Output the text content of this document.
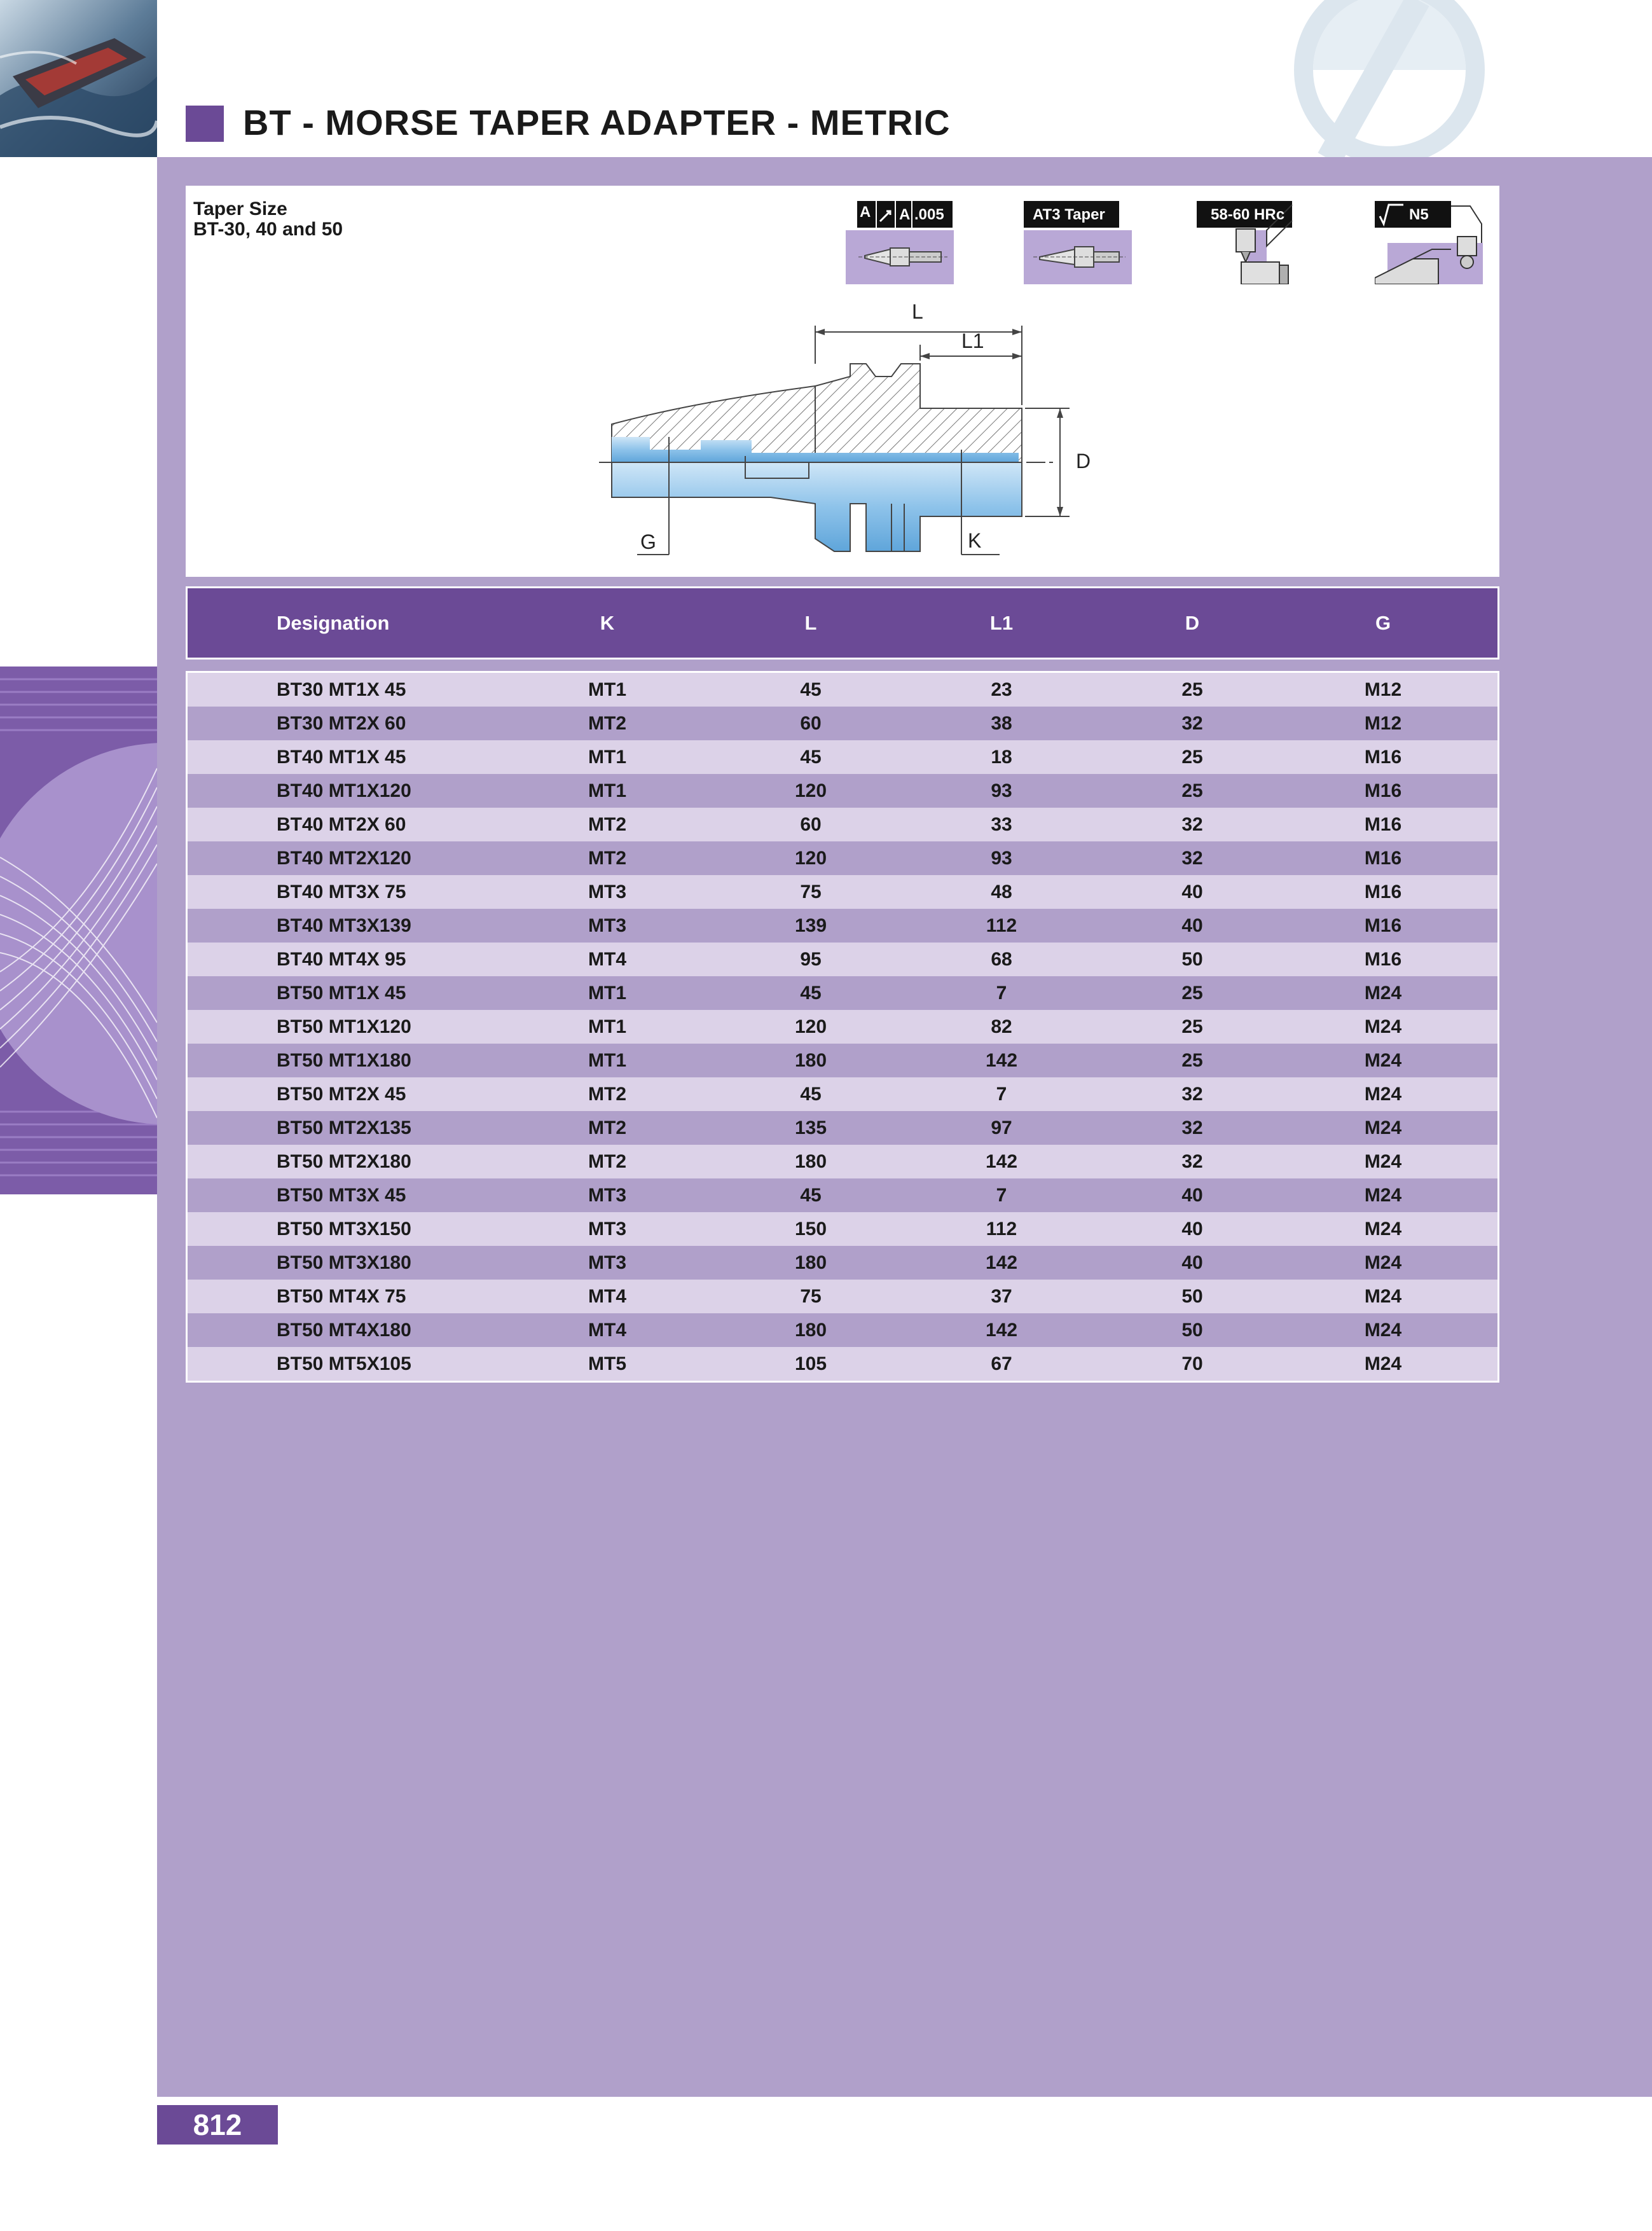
BT - MORSE TAPER ADAPTER - METRIC
Taper Size
BT-30, 40 and 50
A A .005	AT3 Taper	58-60 HRc	N5
L
L1
D
G	K
Designation	K	L	L1	D	G
BT30 MT1X 45	MT1	45	23	25	M12
BT30 MT2X 60	MT2	60	38	32	M12
BT40 MT1X 45	MT1	45	18	25	M16
BT40 MT1X120	MT1	120	93	25	M16
BT40 MT2X 60	MT2	60	33	32	M16
BT40 MT2X120	MT2	120	93	32	M16
BT40 MT3X 75	MT3	75	48	40	M16
BT40 MT3X139	MT3	139	112	40	M16
BT40 MT4X 95	MT4	95	68	50	M16
BT50 MT1X 45	MT1	45	7	25	M24
BT50 MT1X120	MT1	120	82	25	M24
BT50 MT1X180	MT1	180	142	25	M24
BT50 MT2X 45	MT2	45	7	32	M24
BT50 MT2X135	MT2	135	97	32	M24
BT50 MT2X180	MT2	180	142	32	M24
BT50 MT3X 45	MT3	45	7	40	M24
BT50 MT3X150	MT3	150	112	40	M24
BT50 MT3X180	MT3	180	142	40	M24
BT50 MT4X 75	MT4	75	37	50	M24
BT50 MT4X180	MT4	180	142	50	M24
BT50 MT5X105	MT5	105	67	70	M24
812
